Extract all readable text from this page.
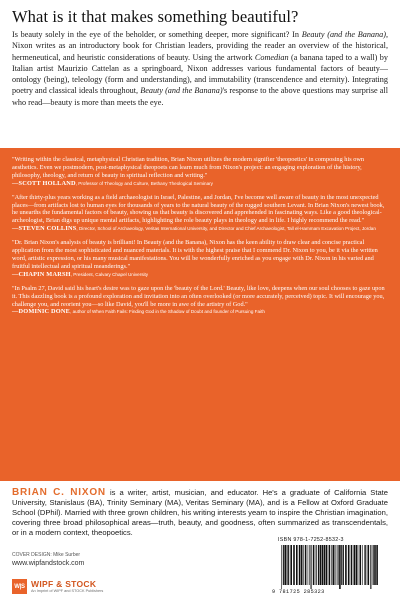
What is it that makes something beautiful?
Is beauty solely in the eye of the beholder, or something deeper, more significant? In Beauty (and the Banana), Nixon writes as an introductory book for Christian leaders, providing the reader an overview of the historical, hermeneutical, and heuristic considerations of beauty. Using the artwork Comedian (a banana taped to a wall) by Italian artist Maurizio Cattelan as a springboard, Nixon addresses various fundamental factors of beauty—ontology (being), teleology (form and understanding), and immutability (transcendence and eternity). Integrating poetry and classical ideals throughout, Beauty (and the Banana)'s response to the above questions may surprise all who read—beauty is more than meets the eye.
"Writing within the classical, metaphysical Christian tradition, Brian Nixon utilizes the modern signifier 'theopoetics' in composing his own aesthetics. Even we postmodern, post-metaphysical theopoets can learn much from Nixon's project: an engaging exploration of the history, philosophy, theology, and return of beauty in spiritual reflection and writing."
—SCOTT HOLLAND, Professor of Theology and Culture, Bethany Theological Seminary
"After thirty-plus years working as a field archaeologist in Israel, Palestine, and Jordan, I've become well aware of beauty in the most unexpected places—from artifacts lost to human eyes for thousands of years to the natural beauty of the rugged southern Levant. In Brian Nixon's newest book, he unearths the fundamental factors of beauty, showing us that beauty is discovered and apprehended in fascinating ways. Like a good theological-archeologist, Brian digs up unique mental artifacts, highlighting the role beauty plays in theology and in life. I highly recommend the read."
—STEVEN COLLINS, Director, School of Archaeology, Veritas International University, and Director and Chief Archaeologist, Tall el-Hammam Excavation Project, Jordan
"Dr. Brian Nixon's analysis of beauty is brilliant! In Beauty (and the Banana), Nixon has the keen ability to draw clear and concise practical application from the most sophisticated and nuanced materials. It is with the highest praise that I commend Dr. Nixon to you, be it via the written word, artistic expression, or his many musical manifestations. You will be wonderfully enriched as you engage with Dr. Nixon in his varied and fruitful intellectual and spiritual meanderings."
—CHAPIN MARSH, President, Calvary Chapel University
"In Psalm 27, David said his heart's desire was to gaze upon the 'beauty of the Lord.' Beauty, like love, deepens when our soul chooses to gaze upon it. This dazzling book is a profound exploration and invitation into an often overlooked (or more accurately, perceived) topic. It will encourage you, challenge you, and reorient you—so like David, you'll be more in awe of the artistry of God."
—DOMINIC DONE, author of When Faith Fails: Finding God in the Shadow of Doubt and founder of Pursuing Faith
BRIAN C. NIXON is a writer, artist, musician, and educator. He's a graduate of California State University, Stanislaus (BA), Trinity Seminary (MA), Veritas Seminary (MA), and is a Fellow at Oxford Graduate School (DPhil). Married with three grown children, his writing interests yearn to inspire the Christian imagination, covering three broad philosophical areas—truth, beauty, and goodness, often summarized as transcendentals, or in a modern context, theopoetics.
COVER DESIGN: Mike Surber
www.wipfandstock.com
W|S WIPF & STOCK
An Imprint of WIPF and STOCK Publishers
ISBN 978-1-7252-8532-3
9 781725 285323
